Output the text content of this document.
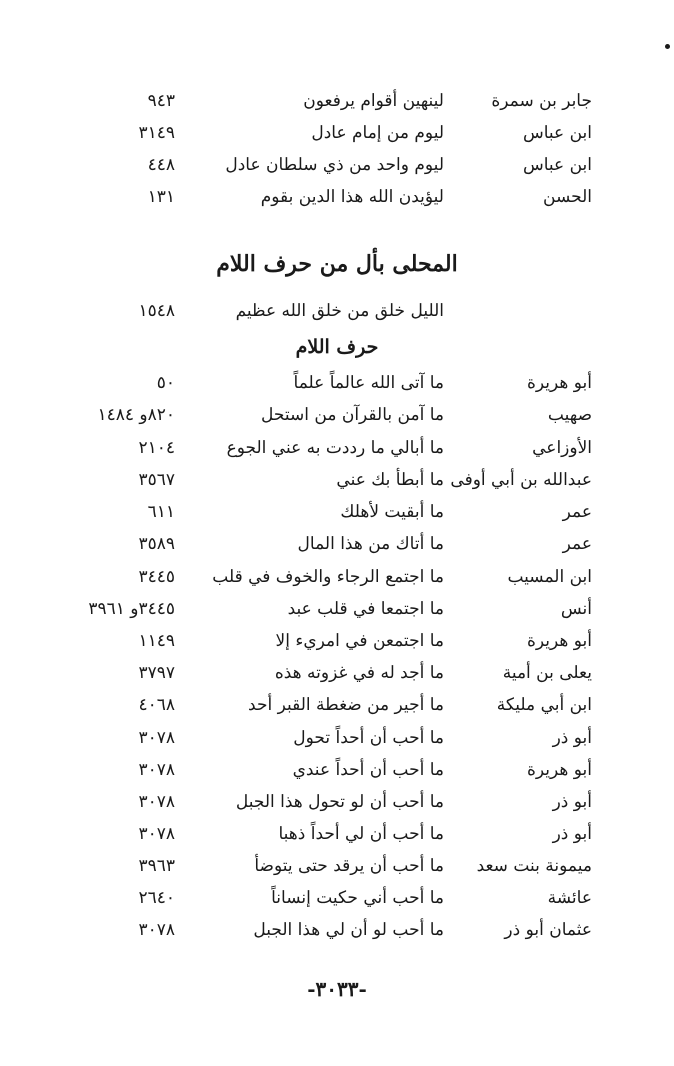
جابر بن سمرة
لينهين أقوام يرفعون
٩٤٣
ابن عباس
ليوم من إمام عادل
٣١٤٩
ابن عباس
ليوم واحد من ذي سلطان عادل
٤٤٨
الحسن
ليؤيدن الله هذا الدين بقوم
١٣١
المحلى بأل من حرف اللام
الليل خلق من خلق الله عظيم
١٥٤٨
حرف اللام
أبو هريرة
ما آتى الله عالماً علماً
٥٠
صهيب
ما آمن بالقرآن من استحل
٨٢٠و ١٤٨٤
الأوزاعي
ما أبالي ما رددت به عني الجوع
٢١٠٤
عبدالله بن أبي أوفى
ما أبطأ بك عني
٣٥٦٧
عمر
ما أبقيت لأهلك
٦١١
عمر
ما أتاك من هذا المال
٣٥٨٩
ابن المسيب
ما اجتمع الرجاء والخوف في قلب
٣٤٤٥
أنس
ما اجتمعا في قلب عبد
٣٤٤٥و ٣٩٦١
أبو هريرة
ما اجتمعن في امريء إلا
١١٤٩
يعلى بن أمية
ما أجد له في غزوته هذه
٣٧٩٧
ابن أبي مليكة
ما أجير من ضغطة القبر أحد
٤٠٦٨
أبو ذر
ما أحب أن أحداً تحول
٣٠٧٨
أبو هريرة
ما أحب أن أحداً عندي
٣٠٧٨
أبو ذر
ما أحب أن لو تحول هذا الجبل
٣٠٧٨
أبو ذر
ما أحب أن لي أحداً ذهبا
٣٠٧٨
ميمونة بنت سعد
ما أحب أن يرقد حتى يتوضأ
٣٩٦٣
عائشة
ما أحب أني حكيت إنساناً
٢٦٤٠
عثمان أبو ذر
ما أحب لو أن لي هذا الجبل
٣٠٧٨
-٣٠٣٣-
